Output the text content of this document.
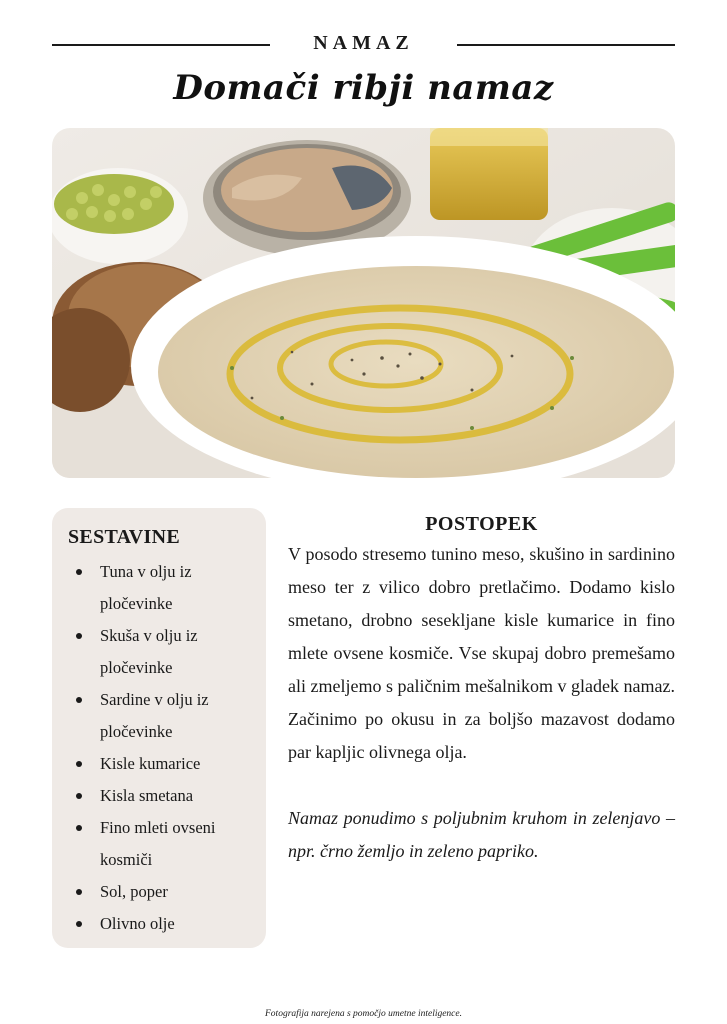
NAMAZ
Domači ribji namaz
SESTAVINE
Tuna v olju iz pločevinke
Skuša v olju iz pločevinke
Sardine v olju iz pločevinke
Kisle kumarice
Kisla smetana
Fino mleti ovseni kosmiči
Sol, poper
Olivno olje
POSTOPEK

V posodo stresemo tunino meso, skušino in sardinino meso ter z vilico dobro pretlačimo. Dodamo kislo smetano, drobno sesekljane kisle kumarice in fino mlete ovsene kosmiče. Vse skupaj dobro premešamo ali zmeljemo s paličnim mešalnikom v gladek namaz. Začinimo po okusu in za boljšo mazavost dodamo par kapljic olivnega olja.

Namaz ponudimo s poljubnim kruhom in zelenjavo – npr. črno žemljo in zeleno papriko.

Fotografija narejena s pomočjo umetne inteligence.
